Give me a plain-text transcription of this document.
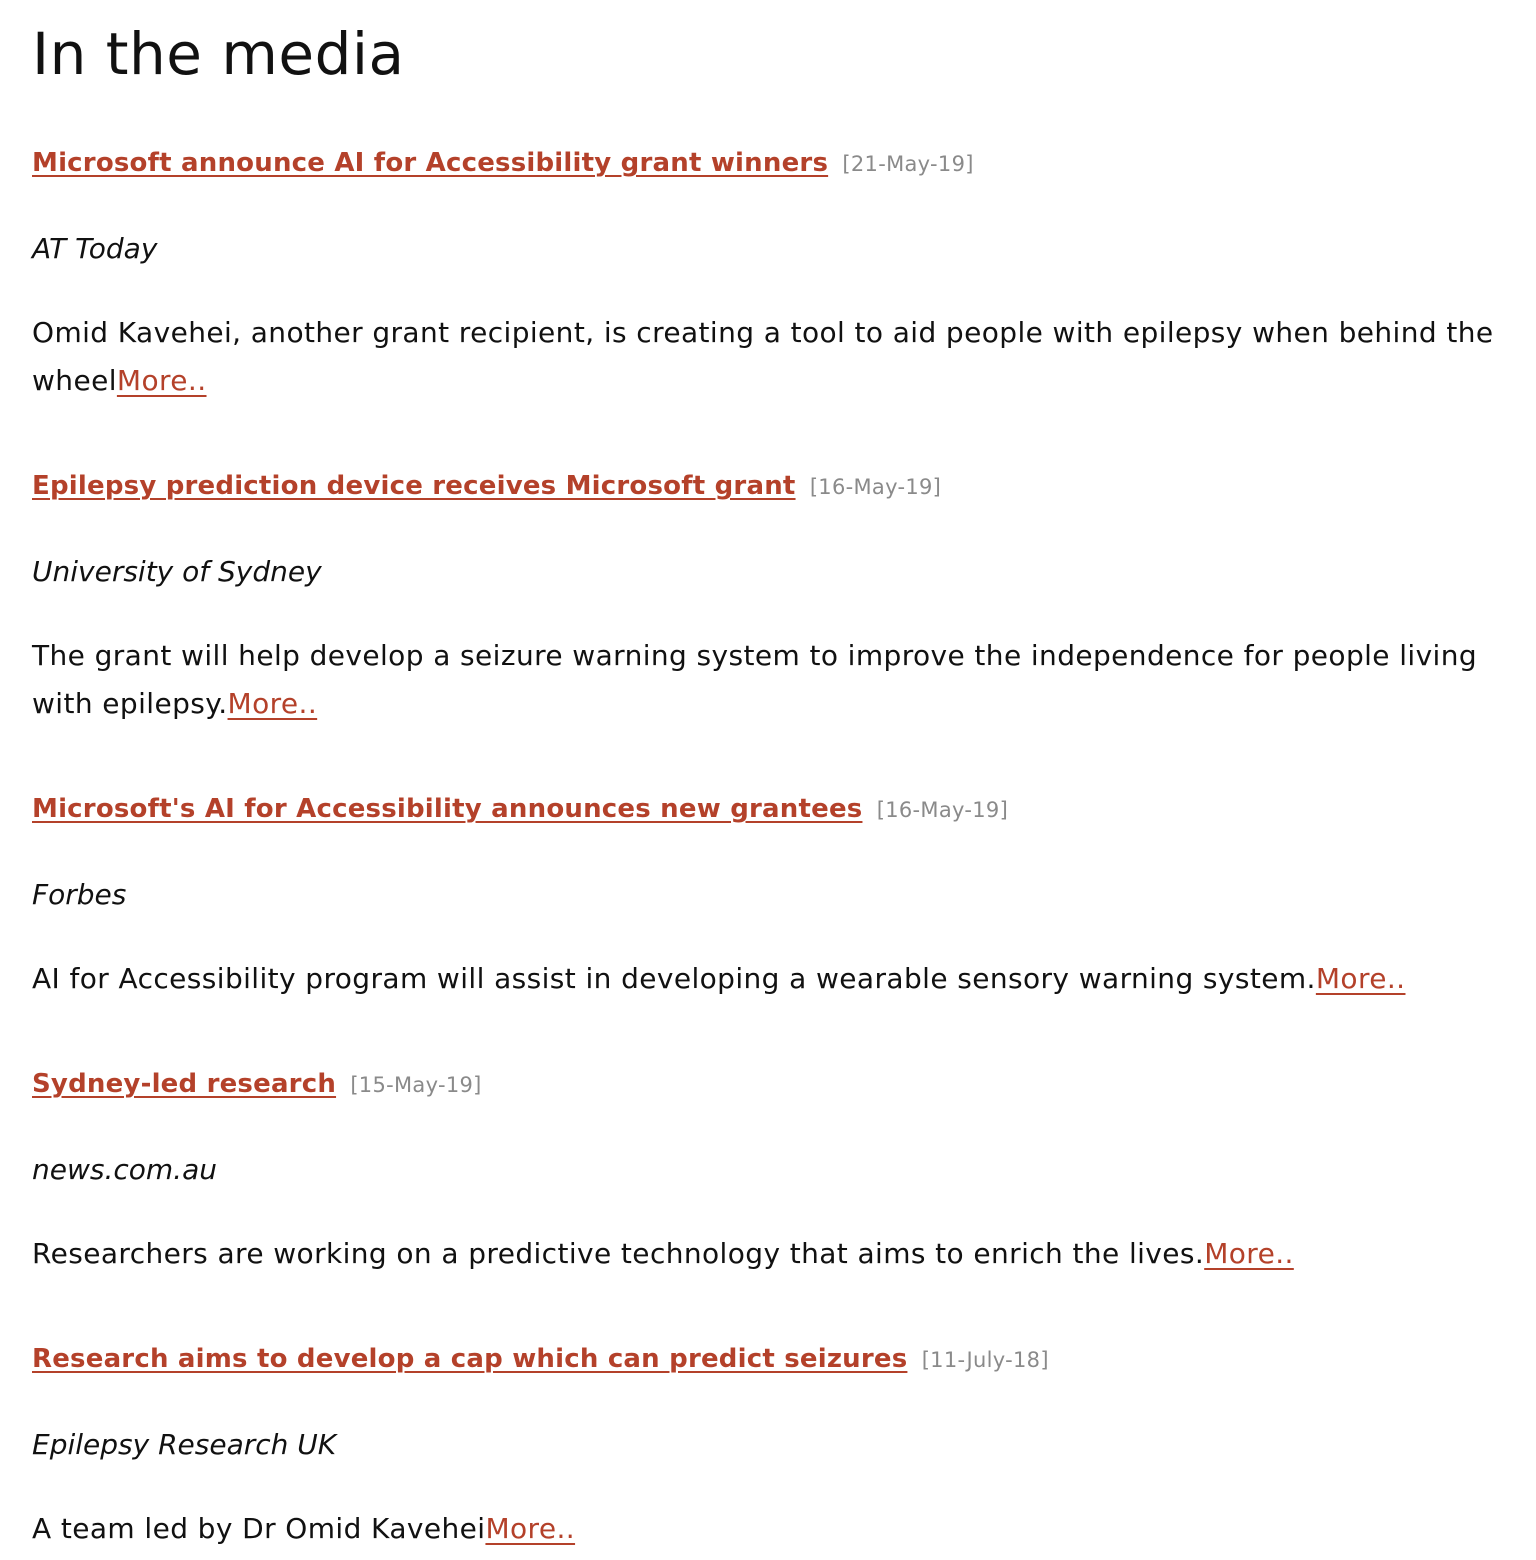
In the media
Microsoft announce AI for Accessibility grant winners [21-May-19]
AT Today
Omid Kavehei, another grant recipient, is creating a tool to aid people with epilepsy when behind the wheelMore..
Epilepsy prediction device receives Microsoft grant [16-May-19]
University of Sydney
The grant will help develop a seizure warning system to improve the independence for people living with epilepsy.More..
Microsoft's AI for Accessibility announces new grantees [16-May-19]
Forbes
AI for Accessibility program will assist in developing a wearable sensory warning system.More..
Sydney-led research [15-May-19]
news.com.au
Researchers are working on a predictive technology that aims to enrich the lives.More..
Research aims to develop a cap which can predict seizures [11-July-18]
Epilepsy Research UK
A team led by Dr Omid KaveheiMore..
